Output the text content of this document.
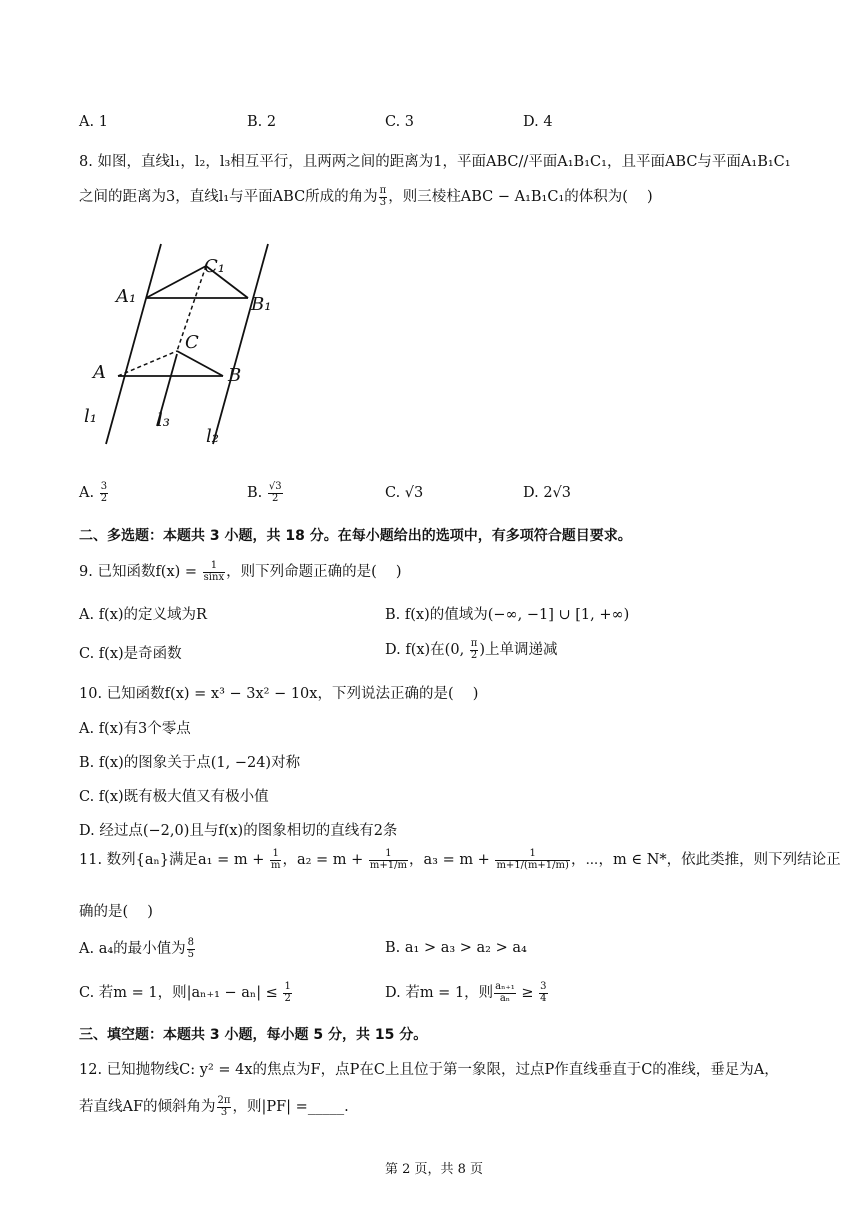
A. 1	B. 2	C. 3	D. 4
8. 如图，直线l₁，l₂，l₃相互平行，且两两之间的距离为1，平面ABC//平面A₁B₁C₁，且平面ABC与平面A₁B₁C₁
之间的距离为3，直线l₁与平面ABC所成的角为 $\frac{\pi}{3}$ ，则三棱柱ABC − A₁B₁C₁的体积为(　 )
A₁	B₁
C₁
A	B
C
l₁
l₂
l₃
A. $\frac{3}{2}$	B. $\frac{√3}{2}$	C. √3	D. 2√3
二、多选题：本题共 3 小题，共 18 分。在每小题给出的选项中，有多项符合题目要求。
9. 已知函数$f(x) = \frac{1}{\sin x}$ ，则下列命题正确的是(　 )
A. f(x)的定义域为R	B. f(x)的值域为(−∞, −1] ∪ [1, +∞)
C. f(x)是奇函数	D. f(x)在(0, $\frac{\pi}{2}$ )上单调递减
10. 已知函数f(x) = x³ − 3x² − 10x，下列说法正确的是(　 )
A. f(x)有3个零点
B. f(x)的图象关于点(1, −24)对称
C. f(x)既有极大值又有极小值
D. 经过点(−2,0)且与f(x)的图象相切的直线有2条
11. 数列{aₙ}满足$a_1 = m + \frac{1}{m}$ ，$a_2 = m + \frac{1}{m+1/m}$ ，$a_3 = m + \frac{1}{m+1/(m+1/m)}$ ，⋯，m ∈ N*，依此类推，则下列结论正
确的是(　 )
A. a₄的最小值为 $\frac{8}{5}$	B. a₁ > a₃ > a₂ > a₄
C. 若m = 1，则$|a_{n+1} - a_n| \le \frac{1}{2}$	D. 若m = 1，则 $\frac{\text{aₙ₊₁}}{\text{aₙ}} \ge \frac{3}{4}$
三、填空题：本题共 3 小题，每小题 5 分，共 15 分。
12. 已知抛物线C: y² = 4x的焦点为F，点P在C上且位于第一象限，过点P作直线垂直于C的准线，垂足为A，
若直线AF的倾斜角为 $\frac{2\pi}{3}$ ，则|PF| =_____.
第 2 页，共 8 页
